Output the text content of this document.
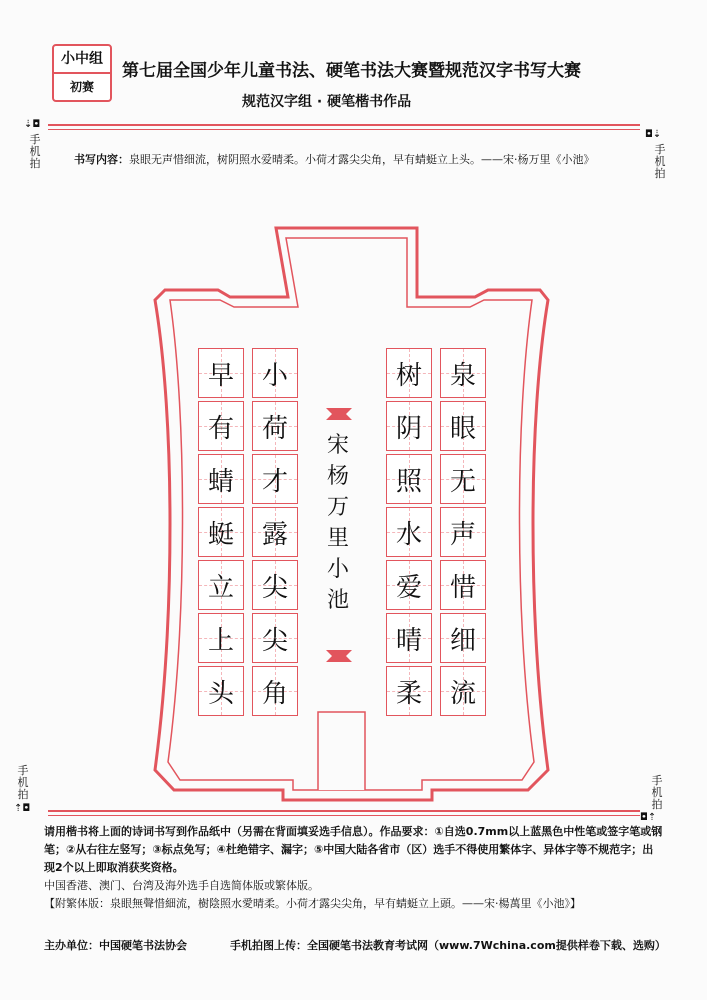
小中组
初赛
第七届全国少年儿童书法、硬笔书法大赛暨规范汉字书写大赛
规范汉字组 · 硬笔楷书作品
⇣◘
手
机
拍
◘⇣
手
机
拍
手
机
拍
⇡◘
手
机
拍
◘⇡
书写内容：泉眼无声惜细流，树阴照水爱晴柔。小荷才露尖尖角，早有蜻蜓立上头。——宋·杨万里《小池》
泉
眼
无
声
惜
细
流
树
阴
照
水
爱
晴
柔
小
荷
才
露
尖
尖
角
早
有
蜻
蜓
立
上
头
宋
杨
万
里
小
池
请用楷书将上面的诗词书写到作品纸中（另需在背面填妥选手信息）。作品要求：①自选0.7mm以上蓝黑色中性笔或签字笔或钢笔；②从右往左竖写；③标点免写；④杜绝错字、漏字；⑤中国大陆各省市（区）选手不得使用繁体字、异体字等不规范字；出现2个以上即取消获奖资格。
中国香港、澳门、台湾及海外选手自选简体版或繁体版。
【附繁体版：泉眼無聲惜細流，樹陰照水愛晴柔。小荷才露尖尖角，早有蜻蜓立上頭。——宋·楊萬里《小池》】
主办单位：中国硬笔书法协会	手机拍图上传：全国硬笔书法教育考试网（www.7Wchina.com提供样卷下载、选购）
